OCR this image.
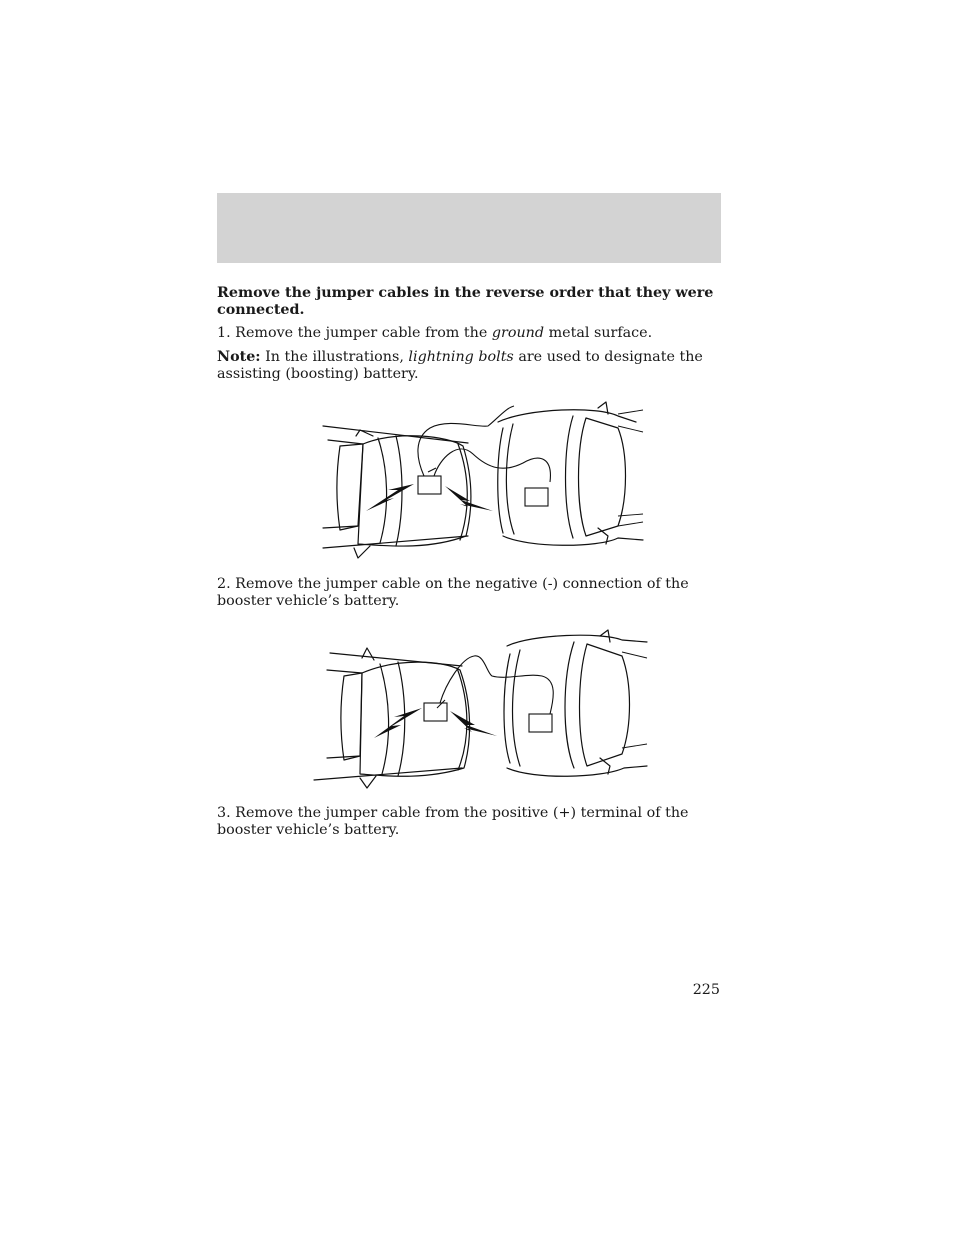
Remove the jumper cables in the reverse order that they were connected.

1. Remove the jumper cable from the ground metal surface.

Note: In the illustrations, lightning bolts are used to designate the assisting (boosting) battery.

2. Remove the jumper cable on the negative (-) connection of the booster vehicle’s battery.

3. Remove the jumper cable from the positive (+) terminal of the booster vehicle’s battery.

225
